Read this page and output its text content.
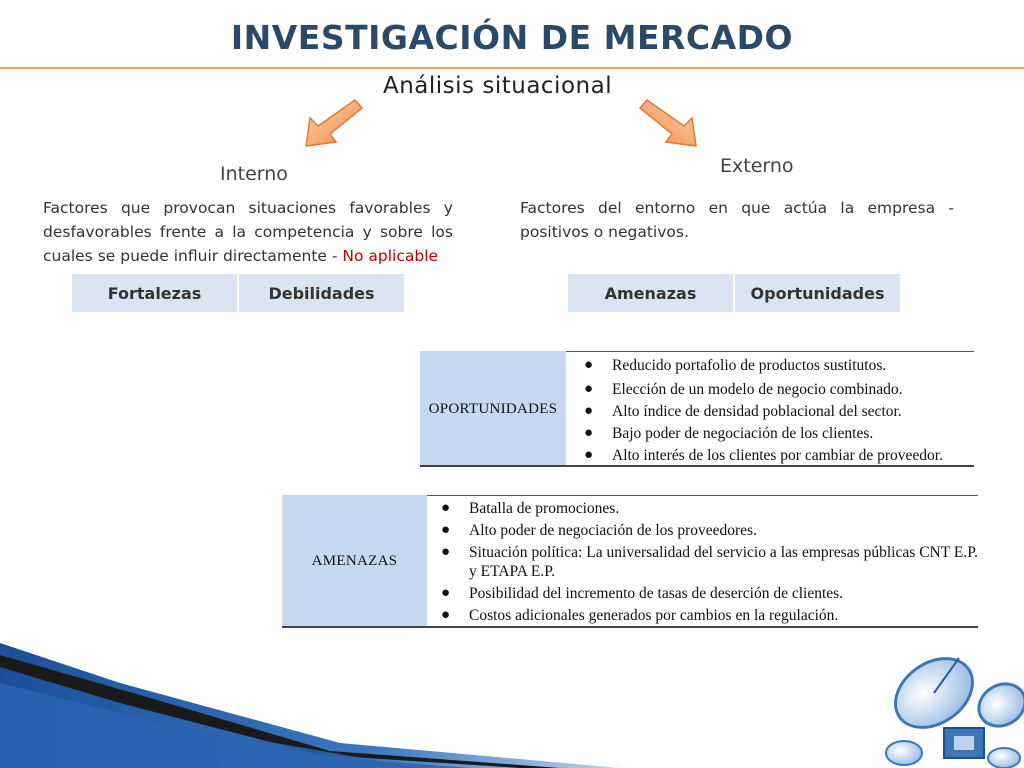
INVESTIGACIÓN DE MERCADO
Análisis situacional
Interno	Externo
Factores que provocan situaciones favorables y desfavorables frente a la competencia y sobre los cuales se puede influir directamente - No aplicable
Factores del entorno en que actúa la empresa - positivos o negativos.
Fortalezas	Debilidades	Amenazas	Oportunidades
OPORTUNIDADES
● Reducido portafolio de productos sustitutos.
● Elección de un modelo de negocio combinado.
● Alto índice de densidad poblacional del sector.
● Bajo poder de negociación de los clientes.
● Alto interés de los clientes por cambiar de proveedor.
AMENAZAS
● Batalla de promociones.
● Alto poder de negociación de los proveedores.
● Situación política: La universalidad del servicio a las empresas públicas CNT E.P. y ETAPA E.P.
● Posibilidad del incremento de tasas de deserción de clientes.
● Costos adicionales generados por cambios en la regulación.
